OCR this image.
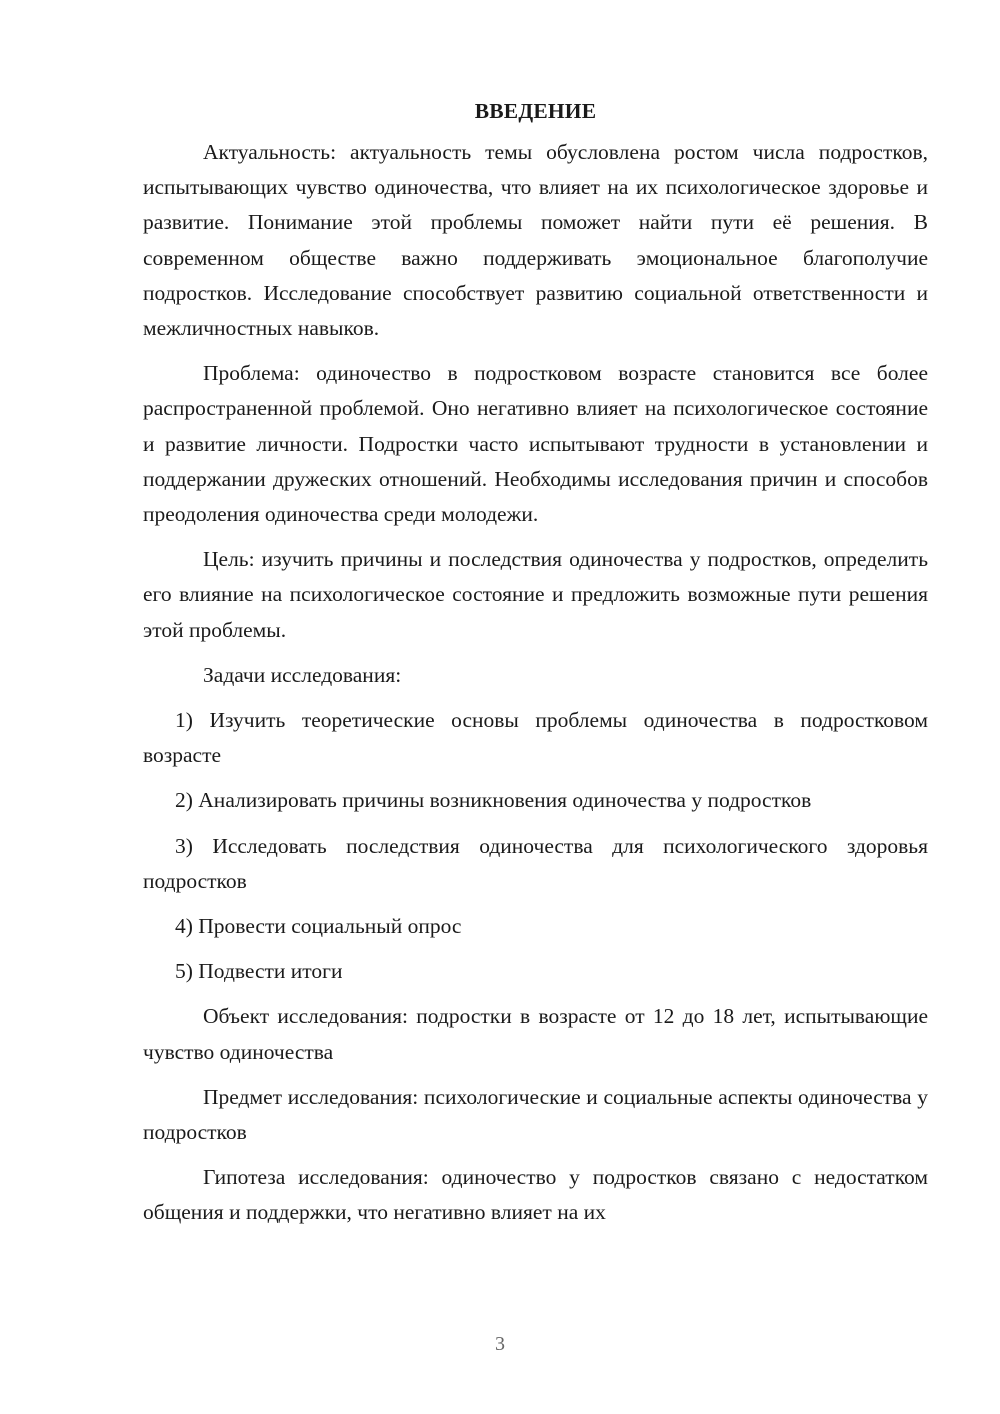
ВВЕДЕНИЕ

Актуальность: актуальность темы обусловлена ростом числа подростков, испытывающих чувство одиночества, что влияет на их психологическое здоровье и развитие. Понимание этой проблемы поможет найти пути её решения. В современном обществе важно поддерживать эмоциональное благополучие подростков. Исследование способствует развитию социальной ответственности и межличностных навыков.

Проблема: одиночество в подростковом возрасте становится все более распространенной проблемой. Оно негативно влияет на психологическое состояние и развитие личности. Подростки часто испытывают трудности в установлении и поддержании дружеских отношений. Необходимы исследования причин и способов преодоления одиночества среди молодежи.

Цель: изучить причины и последствия одиночества у подростков, определить его влияние на психологическое состояние и предложить возможные пути решения этой проблемы.

Задачи исследования:

1) Изучить теоретические основы проблемы одиночества в подростковом возрасте

2) Анализировать причины возникновения одиночества у подростков

3) Исследовать последствия одиночества для психологического здоровья подростков

4) Провести социальный опрос

5) Подвести итоги

Объект исследования: подростки в возрасте от 12 до 18 лет, испытывающие чувство одиночества

Предмет исследования: психологические и социальные аспекты одиночества у подростков

Гипотеза исследования: одиночество у подростков связано с недостатком общения и поддержки, что негативно влияет на их

3
